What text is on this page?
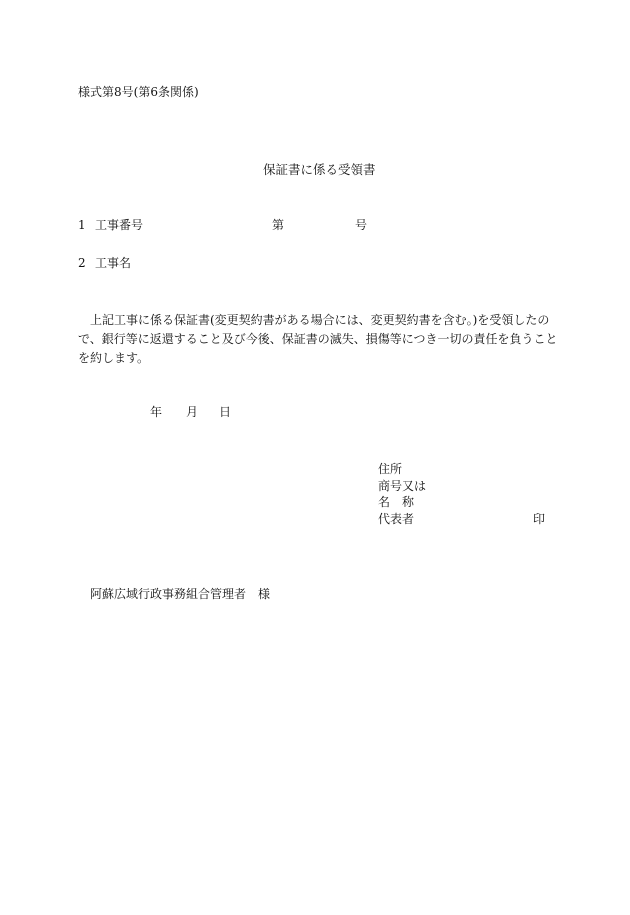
様式第8号(第6条関係)
保証書に係る受領書
1 工事番号	第	号
2 工事名
　上記工事に係る保証書(変更契約書がある場合には、変更契約書を含む。)を受領したの
で、銀行等に返還すること及び今後、保証書の滅失、損傷等につき一切の責任を負うこと
を約します。
年 月 日
住所
商号又は
名　称
代表者	印
阿蘇広域行政事務組合管理者　様
